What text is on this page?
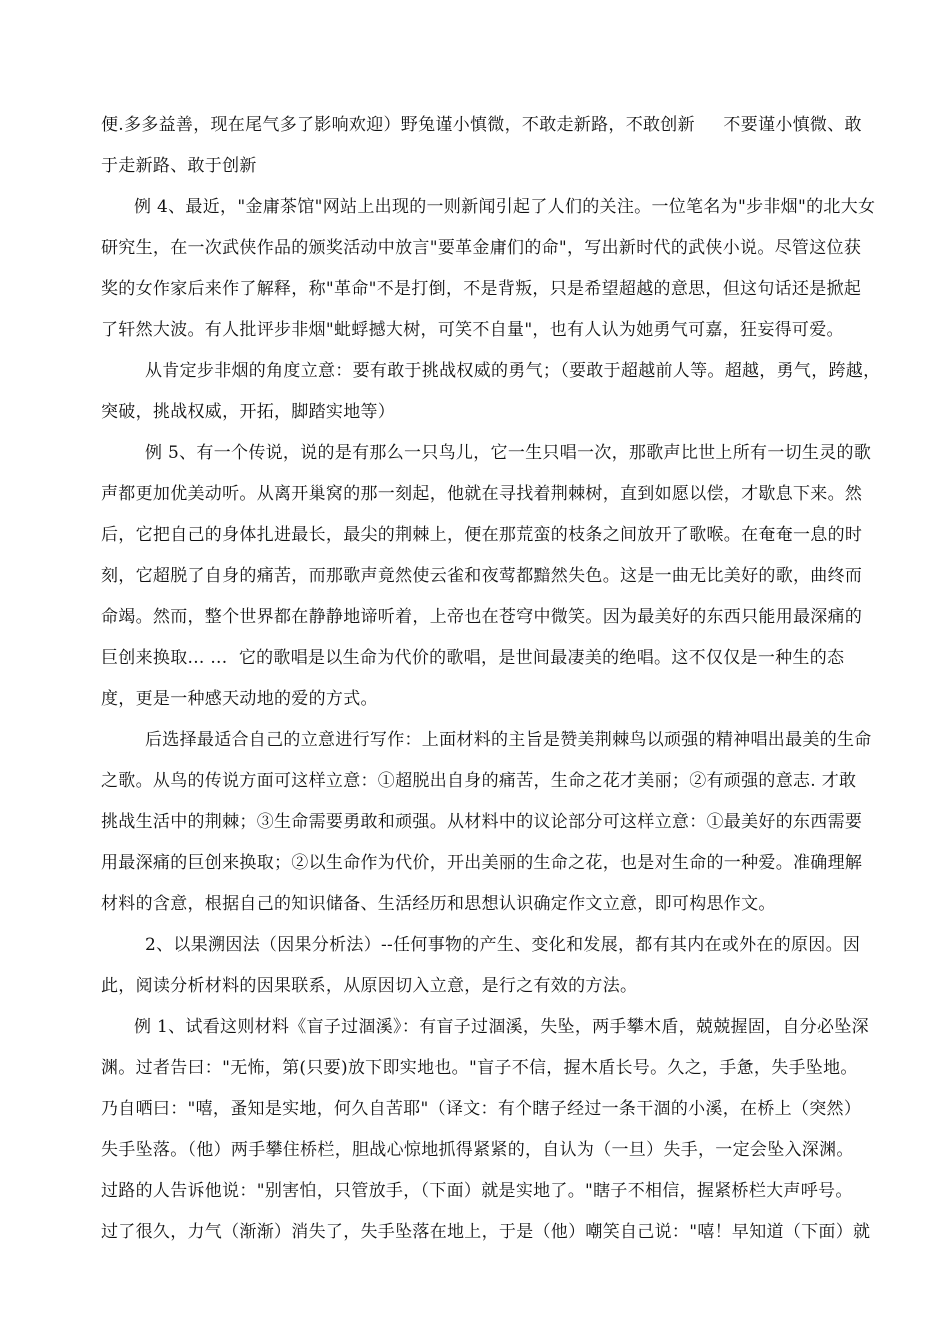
便.多多益善，现在尾气多了影响欢迎）野兔谨小慎微，不敢走新路，不敢创新     不要谨小慎微、敢
于走新路、敢于创新
例 4、最近，"金庸茶馆"网站上出现的一则新闻引起了人们的关注。一位笔名为"步非烟"的北大女
研究生，在一次武侠作品的颁奖活动中放言"要革金庸们的命"，写出新时代的武侠小说。尽管这位获
奖的女作家后来作了解释，称"革命"不是打倒，不是背叛，只是希望超越的意思，但这句话还是掀起
了轩然大波。有人批评步非烟"蚍蜉撼大树，可笑不自量"，也有人认为她勇气可嘉，狂妄得可爱。
从肯定步非烟的角度立意：要有敢于挑战权威的勇气；（要敢于超越前人等。超越，勇气，跨越，
突破，挑战权威，开拓，脚踏实地等）
例 5、有一个传说，说的是有那么一只鸟儿，它一生只唱一次，那歌声比世上所有一切生灵的歌
声都更加优美动听。从离开巢窝的那一刻起，他就在寻找着荆棘树，直到如愿以偿，才歇息下来。然
后，它把自己的身体扎进最长，最尖的荆棘上，便在那荒蛮的枝条之间放开了歌喉。在奄奄一息的时
刻，它超脱了自身的痛苦，而那歌声竟然使云雀和夜莺都黯然失色。这是一曲无比美好的歌，曲终而
命竭。然而，整个世界都在静静地谛听着，上帝也在苍穹中微笑。因为最美好的东西只能用最深痛的
巨创来换取... ...  它的歌唱是以生命为代价的歌唱，是世间最凄美的绝唱。这不仅仅是一种生的态
度，更是一种感天动地的爱的方式。
后选择最适合自己的立意进行写作：上面材料的主旨是赞美荆棘鸟以顽强的精神唱出最美的生命
之歌。从鸟的传说方面可这样立意：①超脱出自身的痛苦，生命之花才美丽；②有顽强的意志. 才敢
挑战生活中的荆棘；③生命需要勇敢和顽强。从材料中的议论部分可这样立意：①最美好的东西需要
用最深痛的巨创来换取；②以生命作为代价，开出美丽的生命之花，也是对生命的一种爱。准确理解
材料的含意，根据自己的知识储备、生活经历和思想认识确定作文立意，即可构思作文。
2、以果溯因法（因果分析法）--任何事物的产生、变化和发展，都有其内在或外在的原因。因
此，阅读分析材料的因果联系，从原因切入立意，是行之有效的方法。
例 1、试看这则材料《盲子过涸溪》：有盲子过涸溪，失坠，两手攀木盾，兢兢握固，自分必坠深
渊。过者告曰："无怖，第(只要)放下即实地也。"盲子不信，握木盾长号。久之，手惫，失手坠地。
乃自哂曰："嘻，蚤知是实地，何久自苦耶"（译文：有个瞎子经过一条干涸的小溪，在桥上（突然）
失手坠落。（他）两手攀住桥栏，胆战心惊地抓得紧紧的，自认为（一旦）失手，一定会坠入深渊。
过路的人告诉他说："别害怕，只管放手，（下面）就是实地了。"瞎子不相信，握紧桥栏大声呼号。
过了很久，力气（渐渐）消失了，失手坠落在地上，于是（他）嘲笑自己说："嘻！早知道（下面）就
